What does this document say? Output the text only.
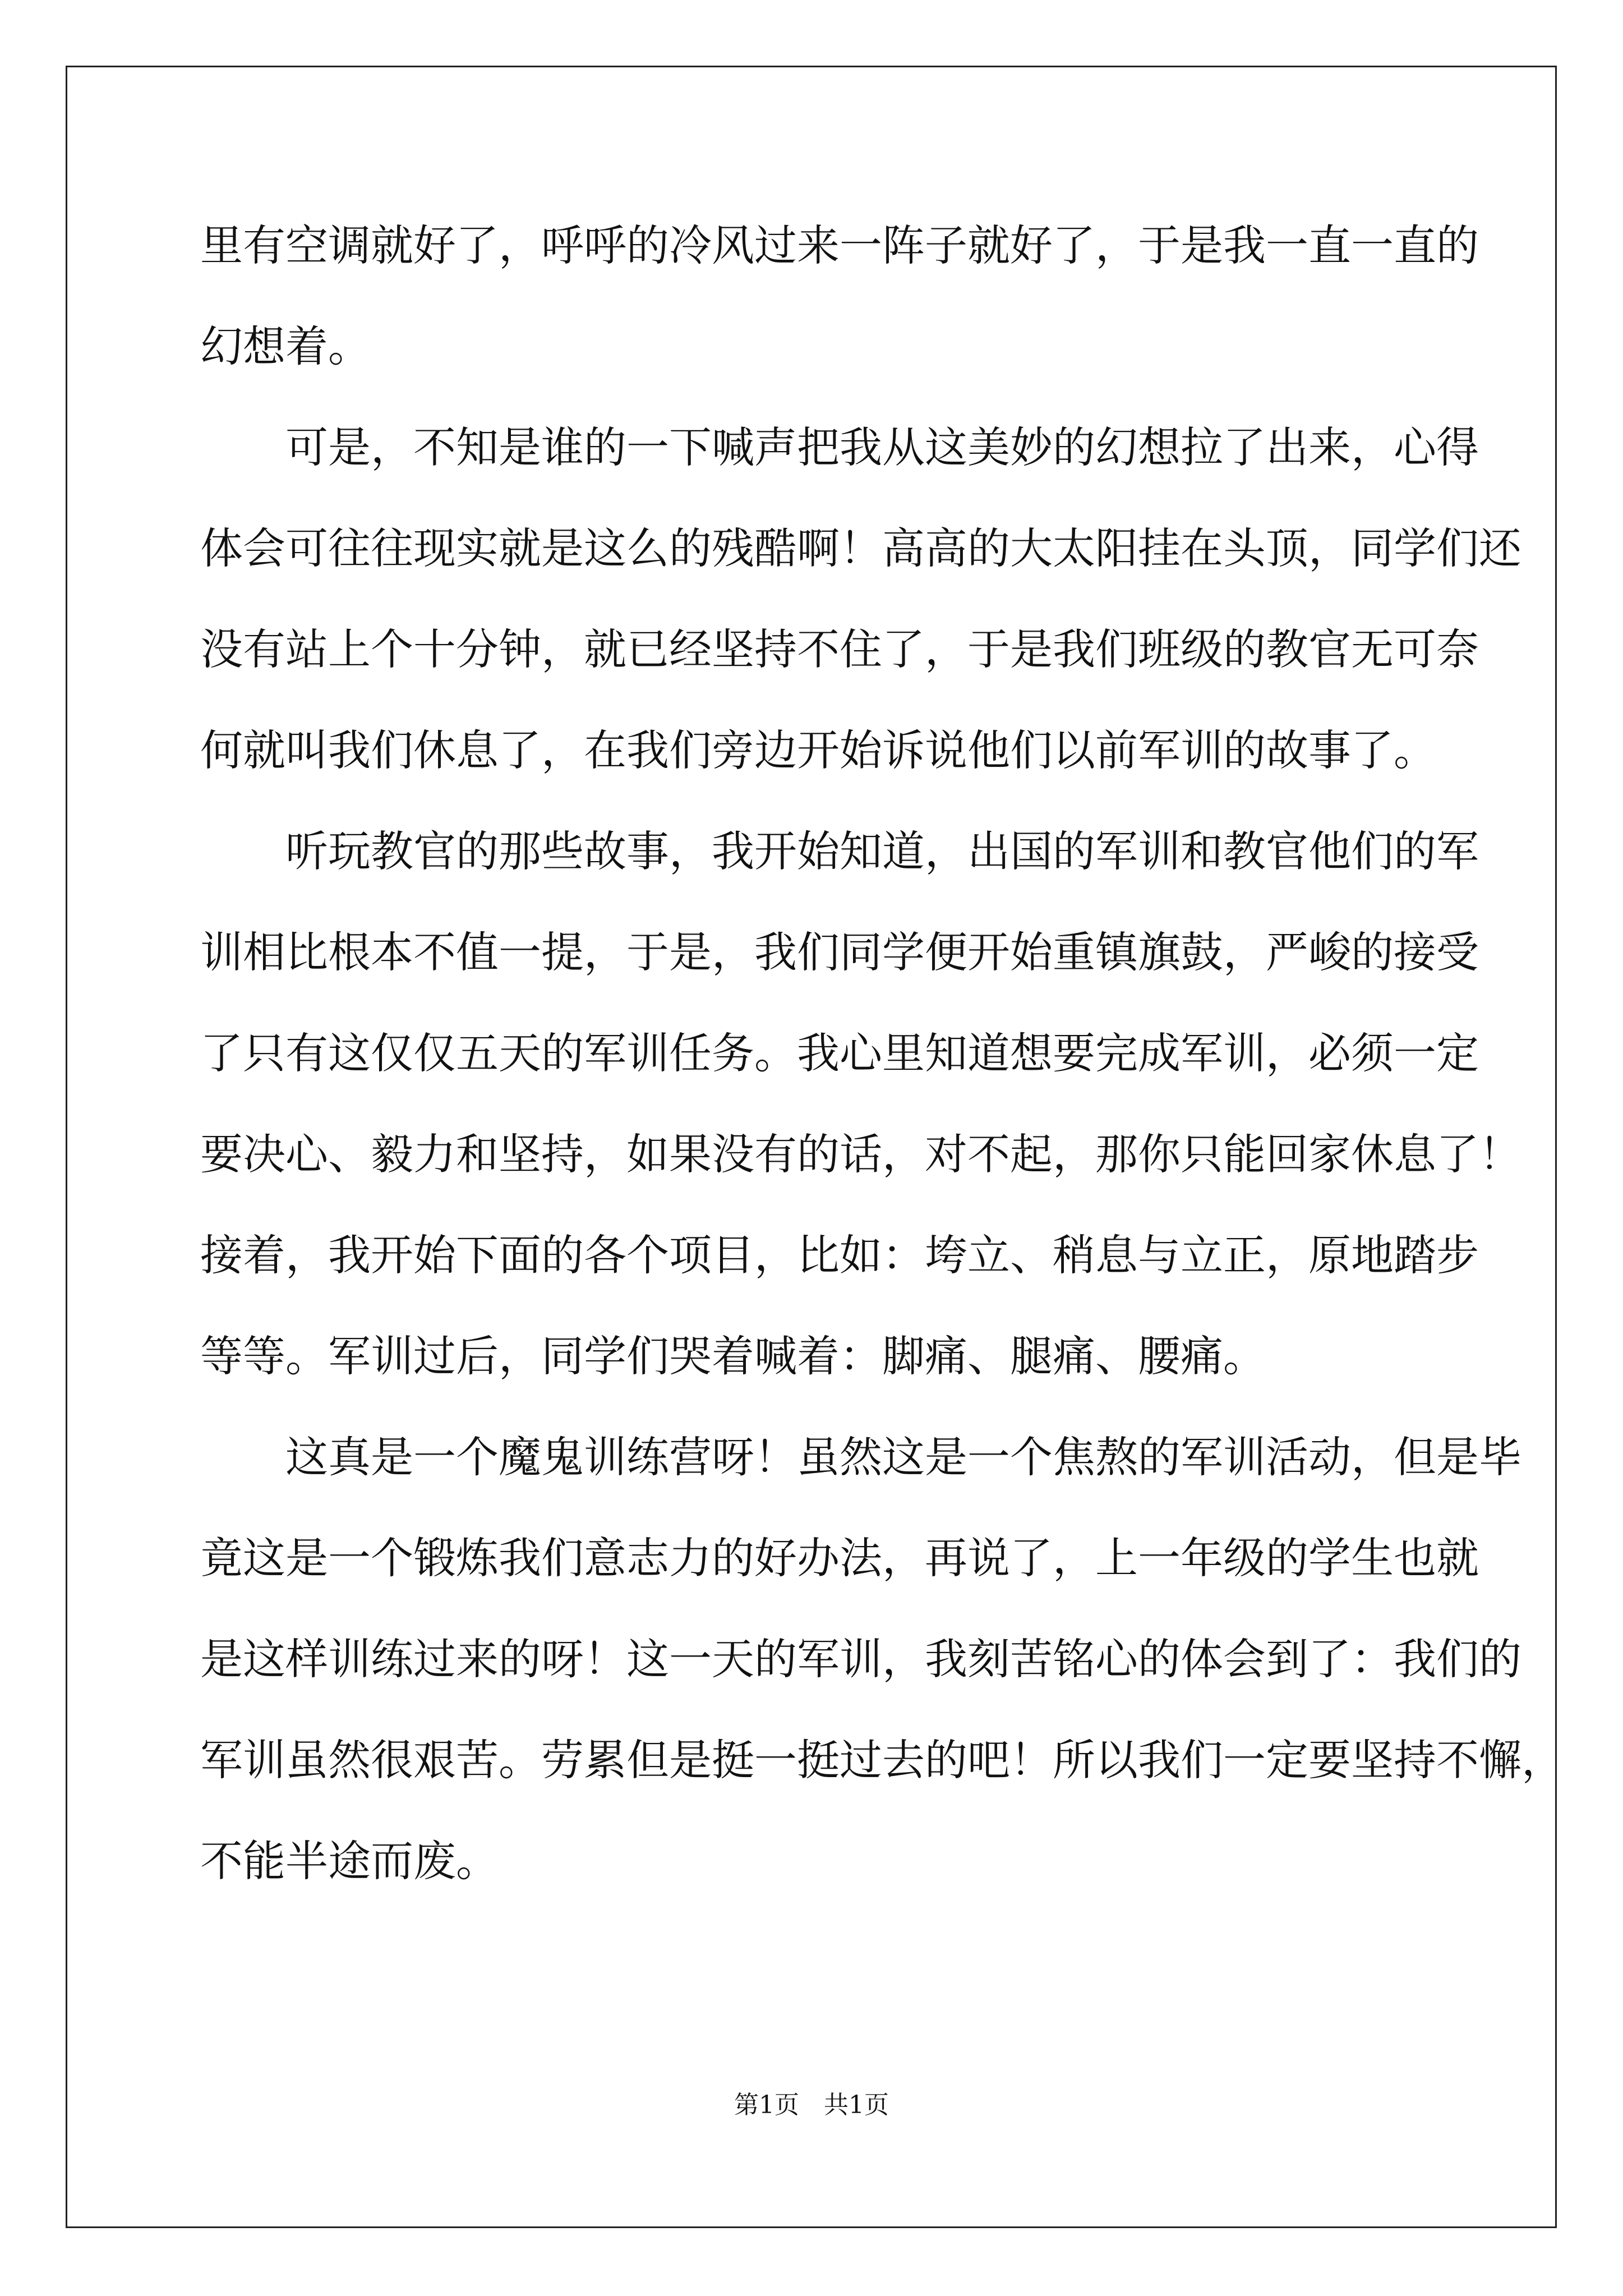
里有空调就好了，呼呼的冷风过来一阵子就好了，于是我一直一直的
幻想着。
　　可是，不知是谁的一下喊声把我从这美妙的幻想拉了出来，心得
体会可往往现实就是这么的残酷啊！高高的大太阳挂在头顶，同学们还
没有站上个十分钟，就已经坚持不住了，于是我们班级的教官无可奈
何就叫我们休息了，在我们旁边开始诉说他们以前军训的故事了。
　　听玩教官的那些故事，我开始知道，出国的军训和教官他们的军
训相比根本不值一提，于是，我们同学便开始重镇旗鼓，严峻的接受
了只有这仅仅五天的军训任务。我心里知道想要完成军训，必须一定
要决心、毅力和坚持，如果没有的话，对不起，那你只能回家休息了！
接着，我开始下面的各个项目，比如：垮立、稍息与立正，原地踏步
等等。军训过后，同学们哭着喊着：脚痛、腿痛、腰痛。
　　这真是一个魔鬼训练营呀！虽然这是一个焦熬的军训活动，但是毕
竟这是一个锻炼我们意志力的好办法，再说了，上一年级的学生也就
是这样训练过来的呀！这一天的军训，我刻苦铭心的体会到了：我们的
军训虽然很艰苦。劳累但是挺一挺过去的吧！所以我们一定要坚持不懈，
不能半途而废。
第1页　共1页
